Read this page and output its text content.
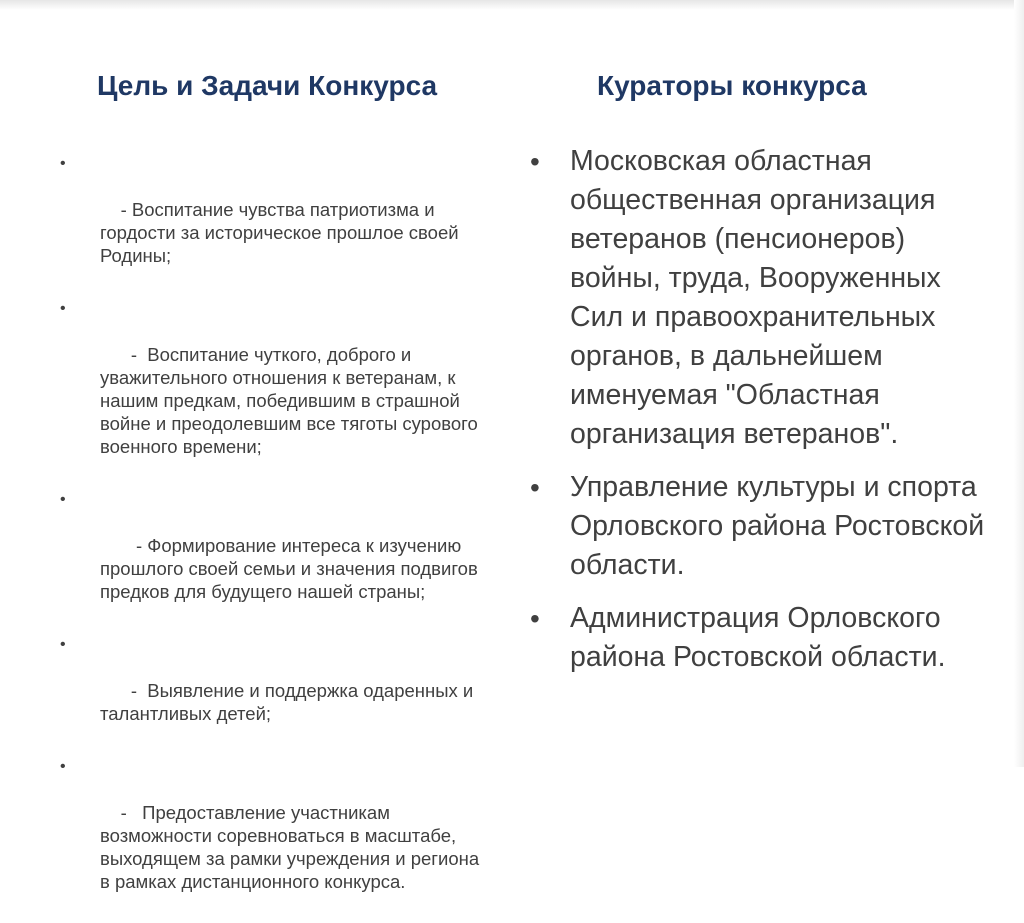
Цель и Задачи Конкурса	Кураторы конкурса

•

- Воспитание чувства патриотизма и гордости за историческое прошлое своей Родины;

•

-  Воспитание чуткого, доброго и уважительного отношения к ветеранам, к нашим предкам, победившим в страшной войне и преодолевшим все тяготы сурового военного времени;

•

- Формирование интереса к изучению прошлого своей семьи и значения подвигов предков для будущего нашей страны;

•

-  Выявление и поддержка одаренных и талантливых детей;

•

-   Предоставление участникам возможности соревноваться в масштабе, выходящем за рамки учреждения и региона в рамках дистанционного конкурса.

• Московская областная общественная организация ветеранов (пенсионеров) войны, труда, Вооруженных Сил и правоохранительных органов, в дальнейшем именуемая "Областная организация ветеранов".
• Управление культуры и спорта Орловского района Ростовской области.
• Администрация Орловского района Ростовской области.
